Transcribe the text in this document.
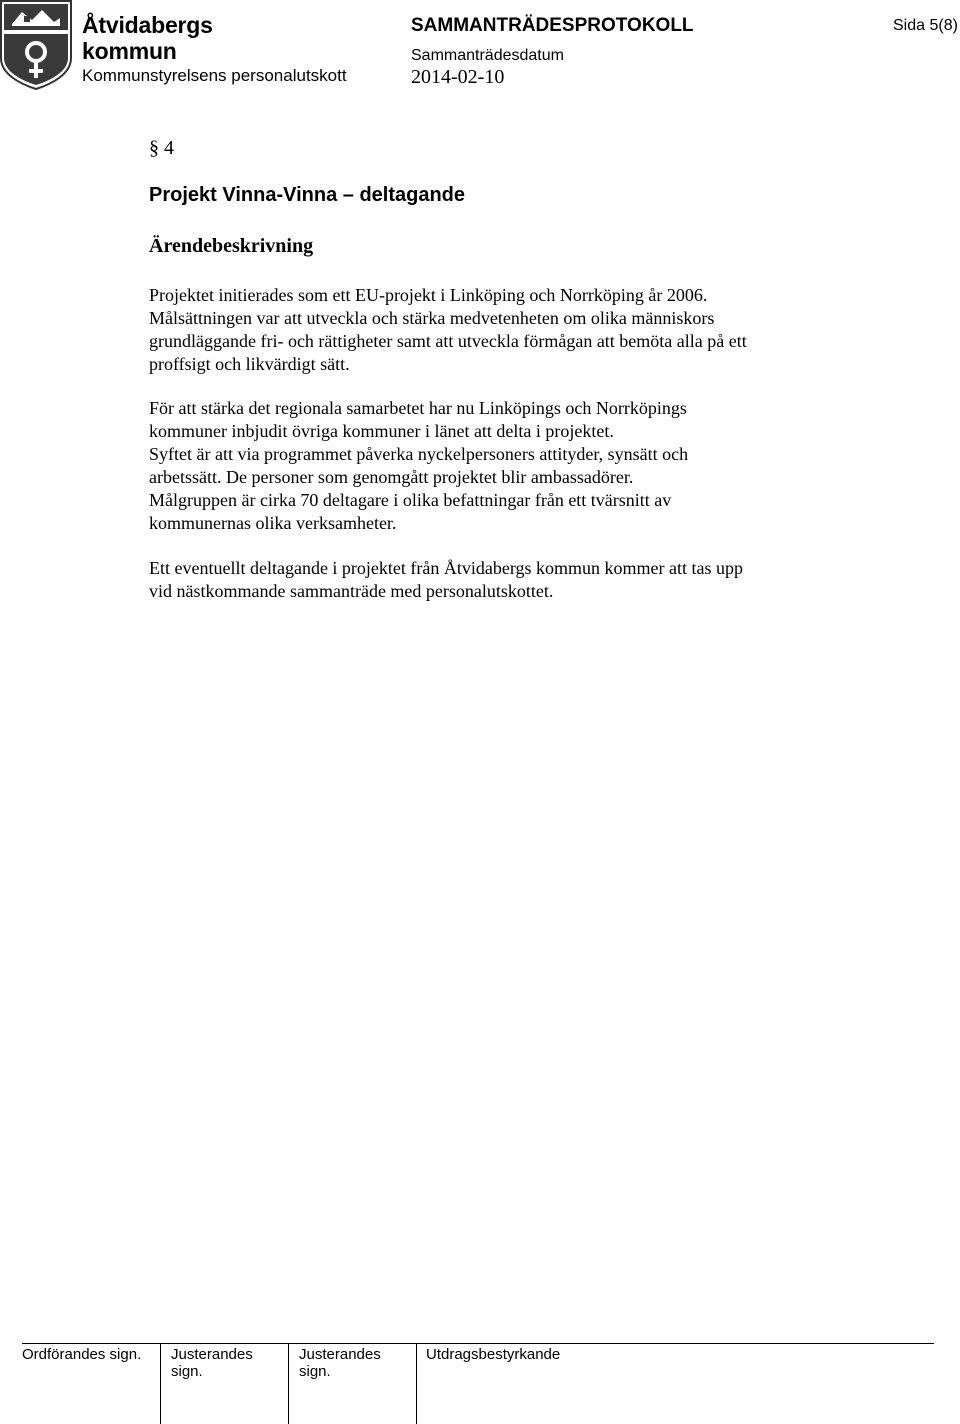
Åtvidabergs
kommun
Kommunstyrelsens personalutskott
SAMMANTRÄDESPROTOKOLL
Sammanträdesdatum
2014-02-10
Sida 5(8)
§ 4
Projekt Vinna-Vinna – deltagande
Ärendebeskrivning
Projektet initierades som ett EU-projekt i Linköping och Norrköping år 2006.
Målsättningen var att utveckla och stärka medvetenheten om olika människors
grundläggande fri- och rättigheter samt att utveckla förmågan att bemöta alla på ett
proffsigt och likvärdigt sätt.
För att stärka det regionala samarbetet har nu Linköpings och Norrköpings
kommuner inbjudit övriga kommuner i länet att delta i projektet.
Syftet är att via programmet påverka nyckelpersoners attityder, synsätt och
arbetssätt. De personer som genomgått projektet blir ambassadörer.
Målgruppen är cirka 70 deltagare i olika befattningar från ett tvärsnitt av
kommunernas olika verksamheter.
Ett eventuellt deltagande i projektet från Åtvidabergs kommun kommer att tas upp
vid nästkommande sammanträde med personalutskottet.
Ordförandes sign. Justerandes
sign.
Justerandes
sign.
Utdragsbestyrkande
